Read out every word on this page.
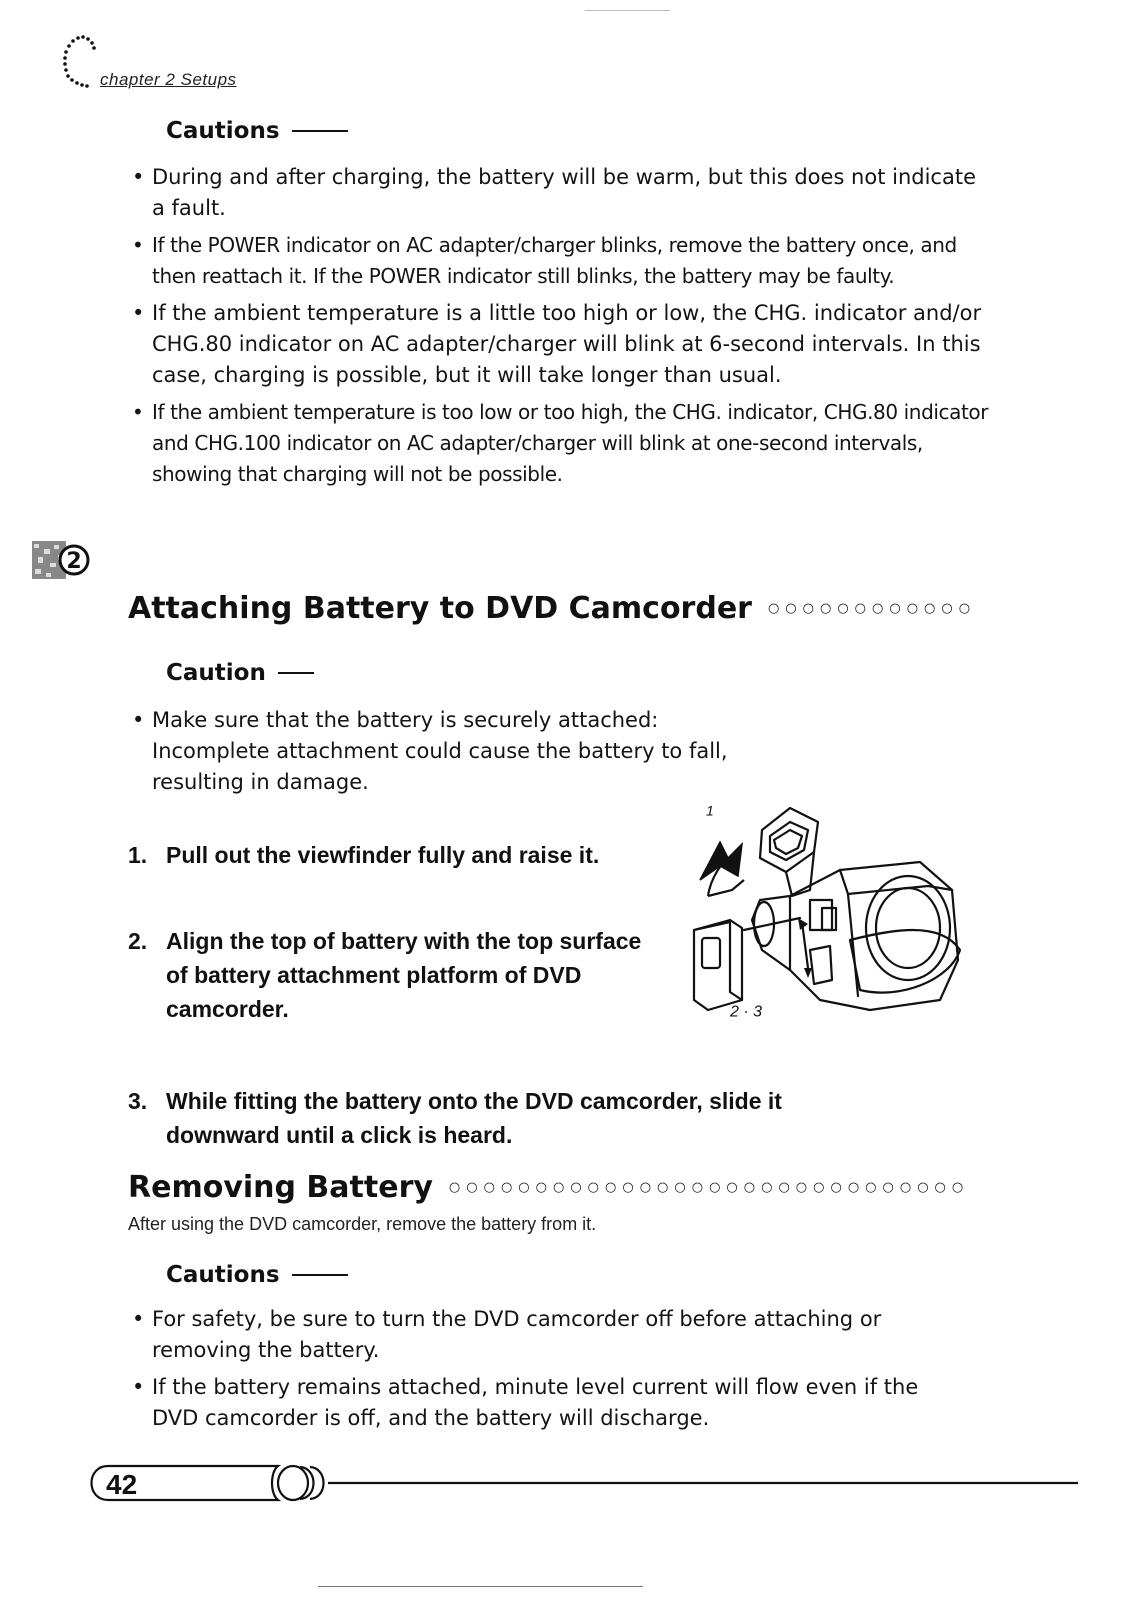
chapter 2 Setups
Cautions
• During and after charging, the battery will be warm, but this does not indicate a fault.
• If the POWER indicator on AC adapter/charger blinks, remove the battery once, and then reattach it. If the POWER indicator still blinks, the battery may be faulty.
• If the ambient temperature is a little too high or low, the CHG. indicator and/or CHG.80 indicator on AC adapter/charger will blink at 6-second intervals. In this case, charging is possible, but it will take longer than usual.
• If the ambient temperature is too low or too high, the CHG. indicator, CHG.80 indicator and CHG.100 indicator on AC adapter/charger will blink at one-second intervals, showing that charging will not be possible.
2
Attaching Battery to DVD Camcorder ○○○○○○○○○○○○
Caution
• Make sure that the battery is securely attached: Incomplete attachment could cause the battery to fall, resulting in damage.
1. Pull out the viewfinder fully and raise it.
2. Align the top of battery with the top surface of battery attachment platform of DVD camcorder.
3. While fitting the battery onto the DVD camcorder, slide it downward until a click is heard.
1
2 · 3
Removing Battery ○○○○○○○○○○○○○○○○○○○○○○○○○○○○○○
After using the DVD camcorder, remove the battery from it.
Cautions
• For safety, be sure to turn the DVD camcorder off before attaching or removing the battery.
• If the battery remains attached, minute level current will flow even if the DVD camcorder is off, and the battery will discharge.
42
